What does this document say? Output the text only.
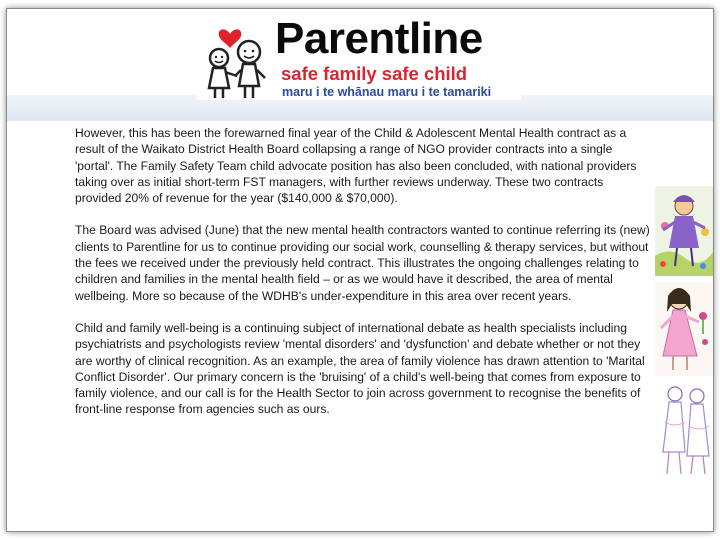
Parentline
safe family safe child
maru i te whānau maru i te tamariki

However, this has been the forewarned final year of the Child & Adolescent Mental Health contract as a result of the Waikato District Health Board collapsing a range of NGO provider contracts into a single 'portal'. The Family Safety Team child advocate position has also been concluded, with national providers taking over as initial short-term FST managers, with further reviews underway. These two contracts provided 20% of revenue for the year ($140,000 & $70,000).

The Board was advised (June) that the new mental health contractors wanted to continue referring its (new) clients to Parentline for us to continue providing our social work, counselling & therapy services, but without the fees we received under the previously held contract. This illustrates the ongoing challenges relating to children and families in the mental health field – or as we would have it described, the area of mental wellbeing. More so because of the WDHB's under-expenditure in this area over recent years.

Child and family well-being is a continuing subject of international debate as health specialists including psychiatrists and psychologists review 'mental disorders' and 'dysfunction' and debate whether or not they are worthy of clinical recognition. As an example, the area of family violence has drawn attention to 'Marital Conflict Disorder'. Our primary concern is the 'bruising' of a child's well-being that comes from exposure to family violence, and our call is for the Health Sector to join across government to recognise the benefits of front-line response from agencies such as ours.
